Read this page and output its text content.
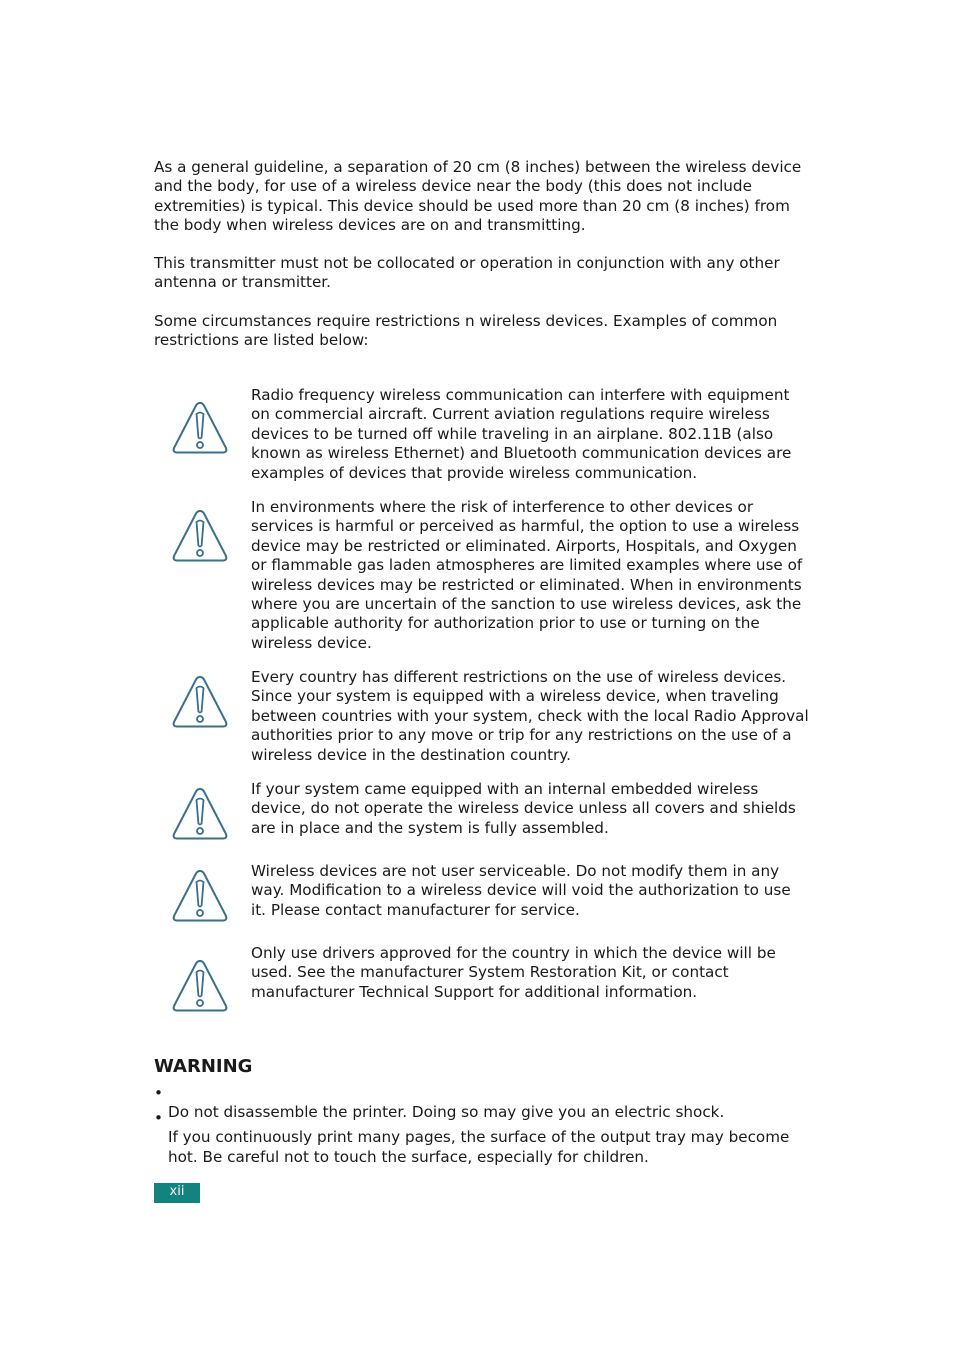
As a general guideline, a separation of 20 cm (8 inches) between the wireless device
and the body, for use of a wireless device near the body (this does not include
extremities) is typical. This device should be used more than 20 cm (8 inches) from
the body when wireless devices are on and transmitting.

This transmitter must not be collocated or operation in conjunction with any other
antenna or transmitter.

Some circumstances require restrictions n wireless devices. Examples of common
restrictions are listed below:

Radio frequency wireless communication can interfere with equipment
on commercial aircraft. Current aviation regulations require wireless
devices to be turned off while traveling in an airplane. 802.11B (also
known as wireless Ethernet) and Bluetooth communication devices are
examples of devices that provide wireless communication.

In environments where the risk of interference to other devices or
services is harmful or perceived as harmful, the option to use a wireless
device may be restricted or eliminated. Airports, Hospitals, and Oxygen
or flammable gas laden atmospheres are limited examples where use of
wireless devices may be restricted or eliminated. When in environments
where you are uncertain of the sanction to use wireless devices, ask the
applicable authority for authorization prior to use or turning on the
wireless device.

Every country has different restrictions on the use of wireless devices.
Since your system is equipped with a wireless device, when traveling
between countries with your system, check with the local Radio Approval
authorities prior to any move or trip for any restrictions on the use of a
wireless device in the destination country.

If your system came equipped with an internal embedded wireless
device, do not operate the wireless device unless all covers and shields
are in place and the system is fully assembled.

Wireless devices are not user serviceable. Do not modify them in any
way. Modification to a wireless device will void the authorization to use
it. Please contact manufacturer for service.

Only use drivers approved for the country in which the device will be
used. See the manufacturer System Restoration Kit, or contact
manufacturer Technical Support for additional information.

WARNING

•
Do not disassemble the printer. Doing so may give you an electric shock.

•
If you continuously print many pages, the surface of the output tray may become
hot. Be careful not to touch the surface, especially for children.

xii
